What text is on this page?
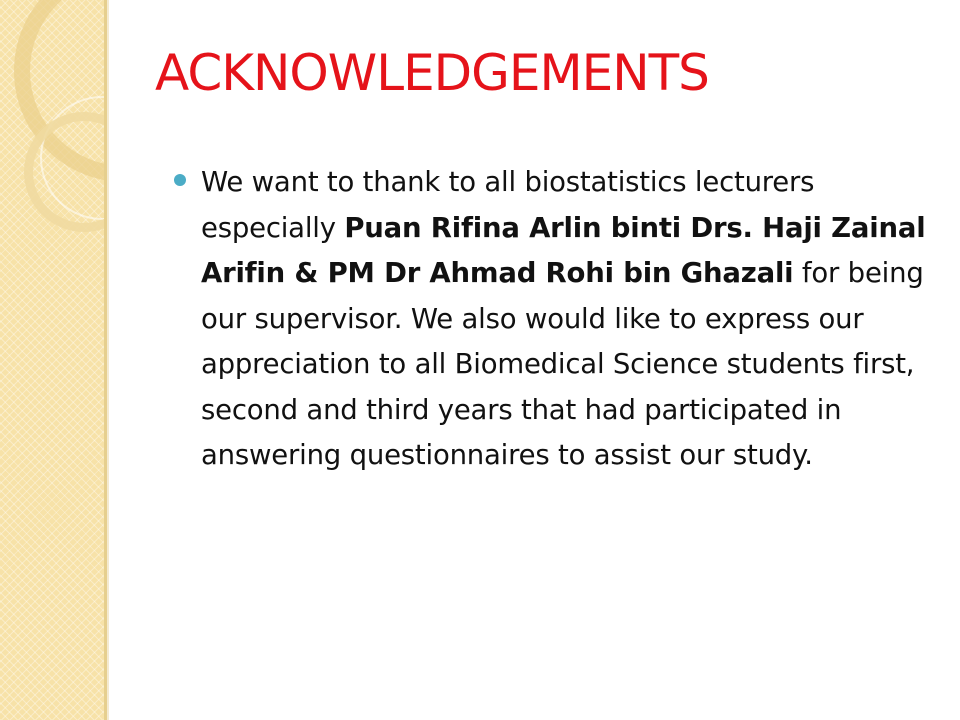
ACKNOWLEDGEMENTS
We want to thank to all biostatistics lecturers especially Puan Rifina Arlin binti Drs. Haji Zainal Arifin & PM Dr Ahmad Rohi bin Ghazali for being our supervisor. We also would like to express our appreciation to all Biomedical Science students first, second and third years that had participated in answering questionnaires to assist our study.
